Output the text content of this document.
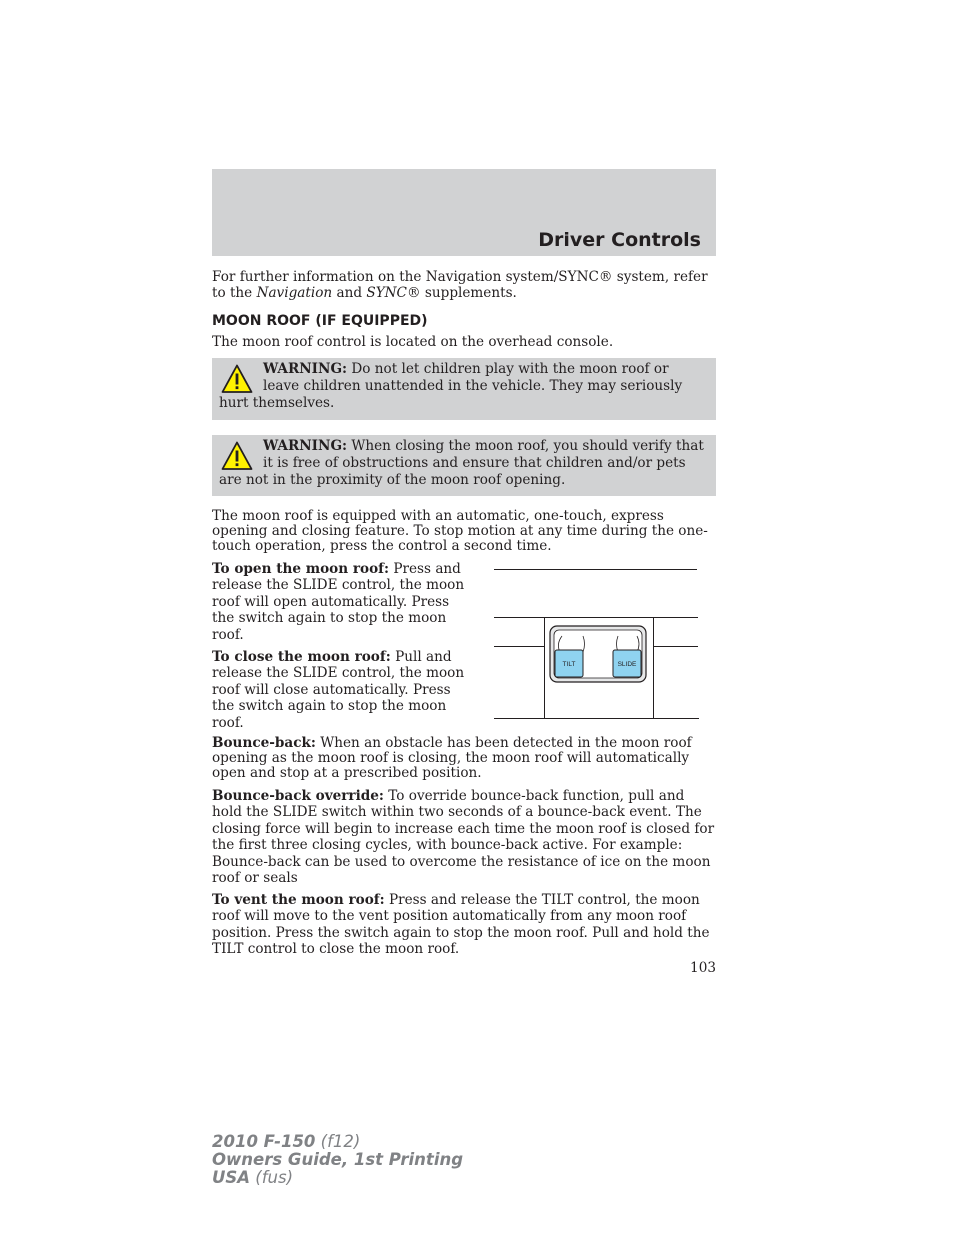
Driver Controls
For further information on the Navigation system/SYNC® system, refer to the Navigation and SYNC® supplements.
MOON ROOF (IF EQUIPPED)
The moon roof control is located on the overhead console.
WARNING: Do not let children play with the moon roof or leave children unattended in the vehicle. They may seriously hurt themselves.
WARNING: When closing the moon roof, you should verify that it is free of obstructions and ensure that children and/or pets are not in the proximity of the moon roof opening.
The moon roof is equipped with an automatic, one-touch, express opening and closing feature. To stop motion at any time during the one-touch operation, press the control a second time.
To open the moon roof: Press and release the SLIDE control, the moon roof will open automatically. Press the switch again to stop the moon roof.
To close the moon roof: Pull and release the SLIDE control, the moon roof will close automatically. Press the switch again to stop the moon roof.
TILT	SLIDE
Bounce-back: When an obstacle has been detected in the moon roof opening as the moon roof is closing, the moon roof will automatically open and stop at a prescribed position.
Bounce-back override: To override bounce-back function, pull and hold the SLIDE switch within two seconds of a bounce-back event. The closing force will begin to increase each time the moon roof is closed for the first three closing cycles, with bounce-back active. For example: Bounce-back can be used to overcome the resistance of ice on the moon roof or seals
To vent the moon roof: Press and release the TILT control, the moon roof will move to the vent position automatically from any moon roof position. Press the switch again to stop the moon roof. Pull and hold the TILT control to close the moon roof.
103
2010 F-150 (f12)
Owners Guide, 1st Printing
USA (fus)
